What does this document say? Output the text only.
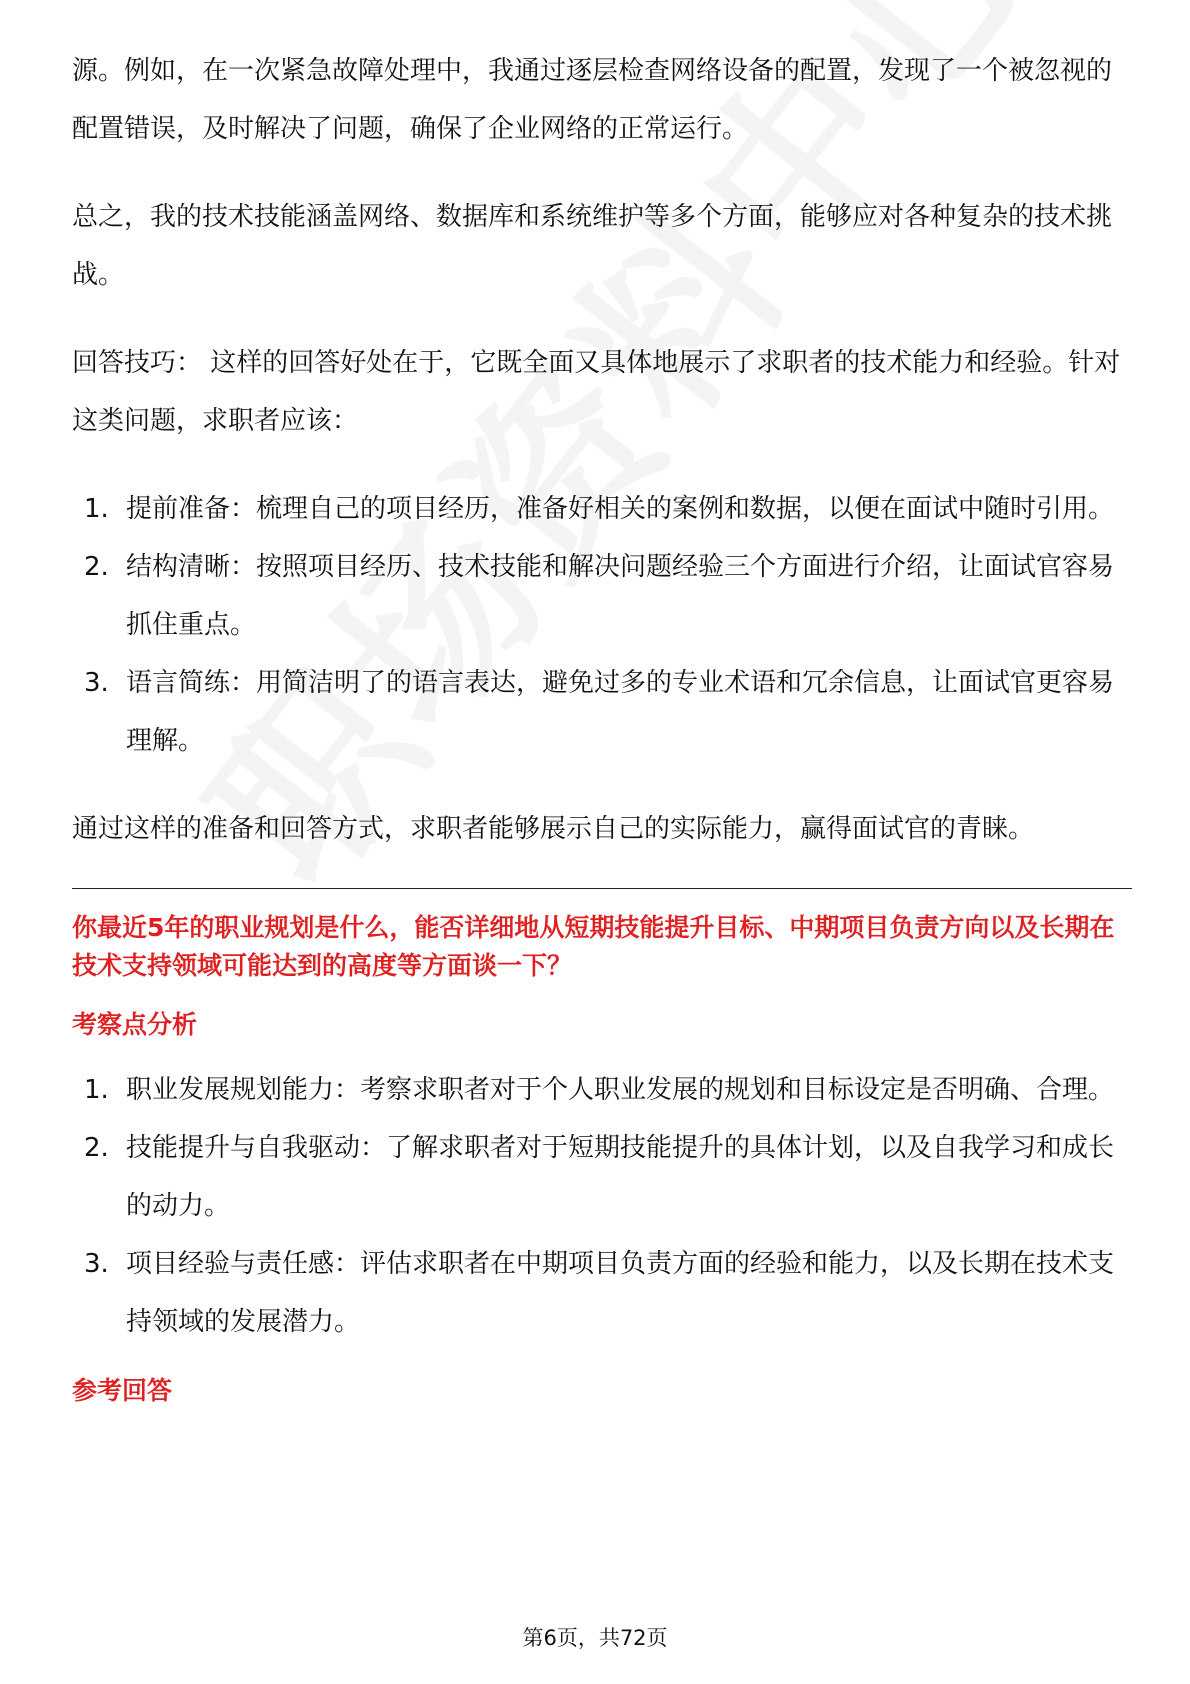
源。例如，在一次紧急故障处理中，我通过逐层检查网络设备的配置，发现了一个被忽视的配置错误，及时解决了问题，确保了企业网络的正常运行。

总之，我的技术技能涵盖网络、数据库和系统维护等多个方面，能够应对各种复杂的技术挑战。

回答技巧： 这样的回答好处在于，它既全面又具体地展示了求职者的技术能力和经验。针对这类问题，求职者应该：

1. 提前准备：梳理自己的项目经历，准备好相关的案例和数据，以便在面试中随时引用。
2. 结构清晰：按照项目经历、技术技能和解决问题经验三个方面进行介绍，让面试官容易抓住重点。
3. 语言简练：用简洁明了的语言表达，避免过多的专业术语和冗余信息，让面试官更容易理解。

通过这样的准备和回答方式，求职者能够展示自己的实际能力，赢得面试官的青睐。

你最近5年的职业规划是什么，能否详细地从短期技能提升目标、中期项目负责方向以及长期在技术支持领域可能达到的高度等方面谈一下？

考察点分析
1. 职业发展规划能力：考察求职者对于个人职业发展的规划和目标设定是否明确、合理。
2. 技能提升与自我驱动：了解求职者对于短期技能提升的具体计划，以及自我学习和成长的动力。
3. 项目经验与责任感：评估求职者在中期项目负责方面的经验和能力，以及长期在技术支持领域的发展潜力。
参考回答
第6页，共72页
